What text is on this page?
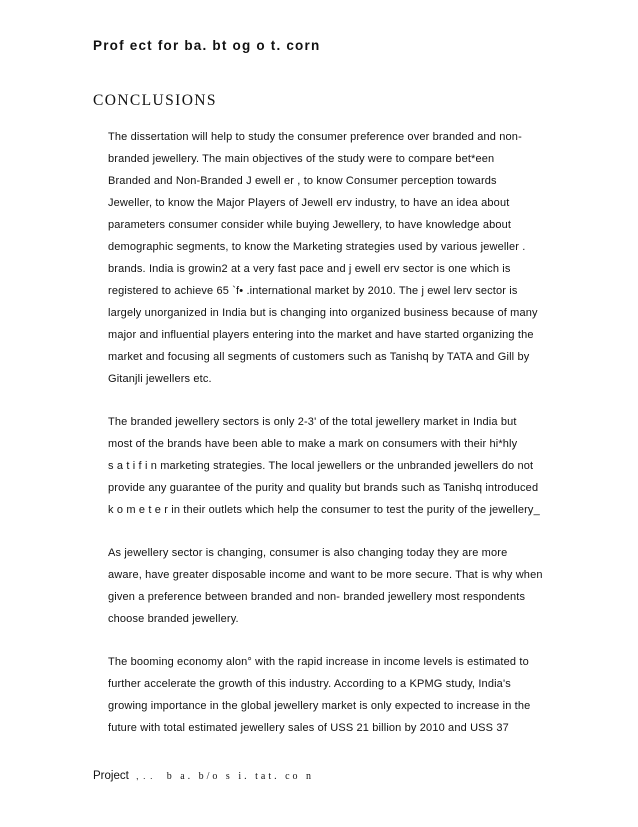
Prof ect for ba. bt og o t. corn
CONCLUSIONS
The dissertation will help to study the consumer preference over branded and non-
branded jewellery. The main objectives of the study were to compare bet*een
Branded and Non-Branded J ewell er , to know Consumer perception towards
Jeweller, to know the Major Players of Jewell erv industry, to have an idea about
parameters consumer consider while buying Jewellery, to have knowledge about
demographic segments, to know the Marketing strategies used by various jeweller .
brands. India is growin2 at a very fast pace and j ewell erv sector is one which is
registered to achieve 65 `f• .international market by 2010. The j ewel lerv sector is
largely unorganized in India but is changing into organized business because of many
major and influential players entering into the market and have started organizing the
market and focusing all segments of customers such as Tanishq by TATA and Gill by
Gitanjli jewellers etc.
The branded jewellery sectors is only 2-3' of the total jewellery market in India but
most of the brands have been able to make a mark on consumers with their hi*hly
s a t i f i n marketing strategies. The local jewellers or the unbranded jewellers do not
provide any guarantee of the purity and quality but brands such as Tanishq introduced
k o m e t e r in their outlets which help the consumer to test the purity of the jewellery_
As jewellery sector is changing, consumer is also changing today they are more
aware, have greater disposable income and want to be more secure. That is why when
given a preference between branded and non- branded jewellery most respondents
choose branded jewellery.
The booming economy alon° with the rapid increase in income levels is estimated to
further accelerate the growth of this industry. According to a KPMG study, India's
growing importance in the global jewellery market is only expected to increase in the
future with total estimated jewellery sales of USS 21 billion by 2010 and USS 37
Project , . . b a. b/o s i. tat. co n
